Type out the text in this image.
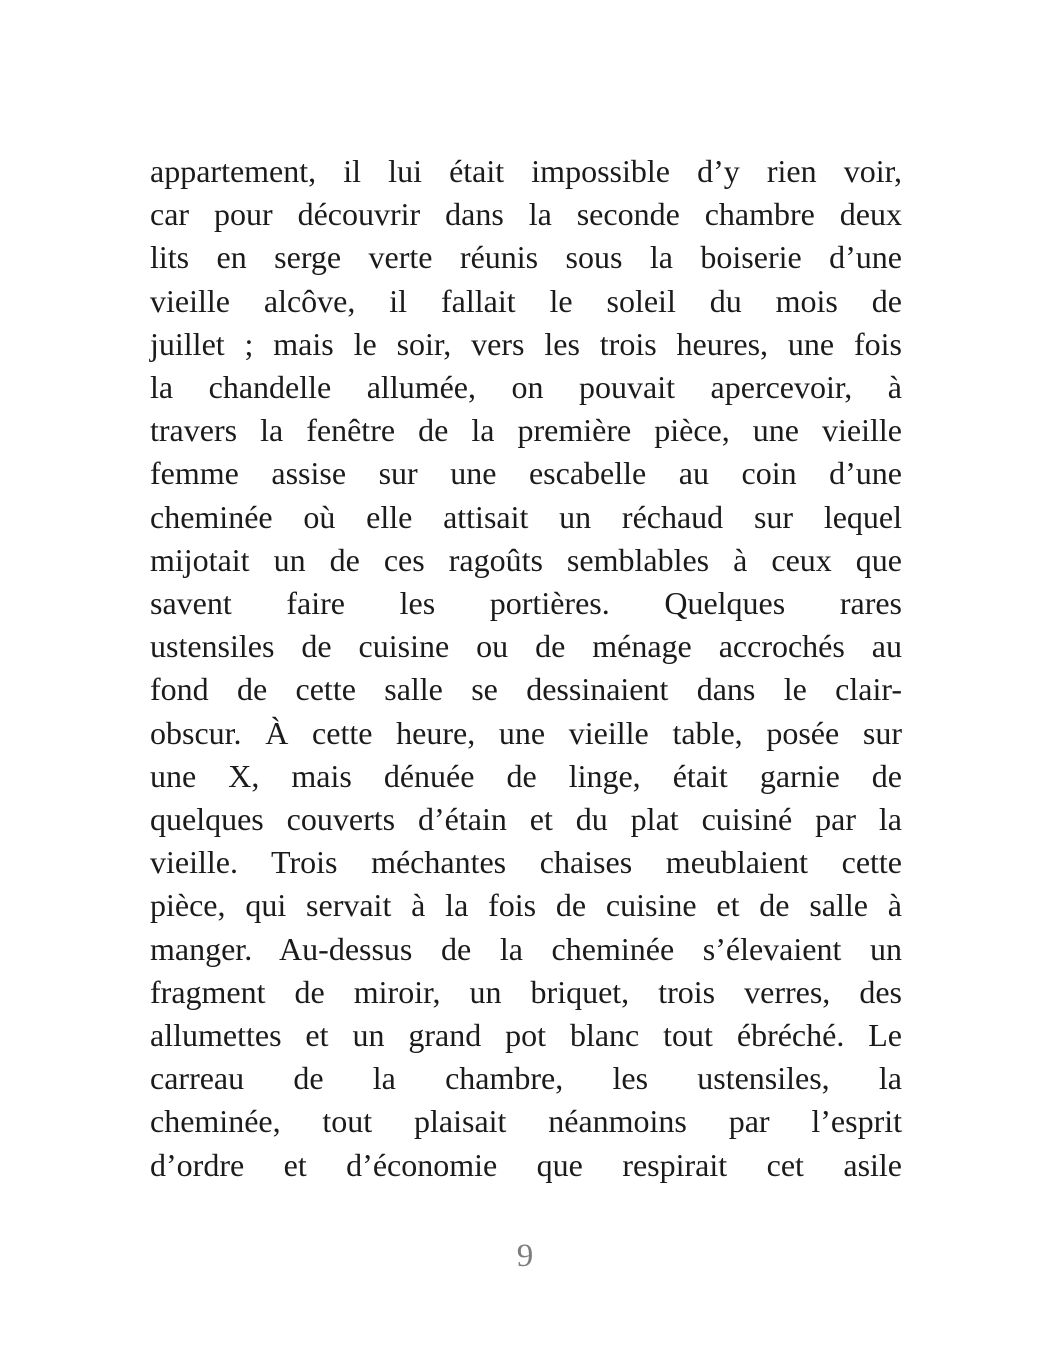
appartement, il lui était impossible d’y rien voir,
car pour découvrir dans la seconde chambre deux
lits en serge verte réunis sous la boiserie d’une
vieille alcôve, il fallait le soleil du mois de
juillet ; mais le soir, vers les trois heures, une fois
la chandelle allumée, on pouvait apercevoir, à
travers la fenêtre de la première pièce, une vieille
femme assise sur une escabelle au coin d’une
cheminée où elle attisait un réchaud sur lequel
mijotait un de ces ragoûts semblables à ceux que
savent faire les portières. Quelques rares
ustensiles de cuisine ou de ménage accrochés au
fond de cette salle se dessinaient dans le clair-
obscur. À cette heure, une vieille table, posée sur
une X, mais dénuée de linge, était garnie de
quelques couverts d’étain et du plat cuisiné par la
vieille. Trois méchantes chaises meublaient cette
pièce, qui servait à la fois de cuisine et de salle à
manger. Au-dessus de la cheminée s’élevaient un
fragment de miroir, un briquet, trois verres, des
allumettes et un grand pot blanc tout ébréché. Le
carreau de la chambre, les ustensiles, la
cheminée, tout plaisait néanmoins par l’esprit
d’ordre et d’économie que respirait cet asile
9
